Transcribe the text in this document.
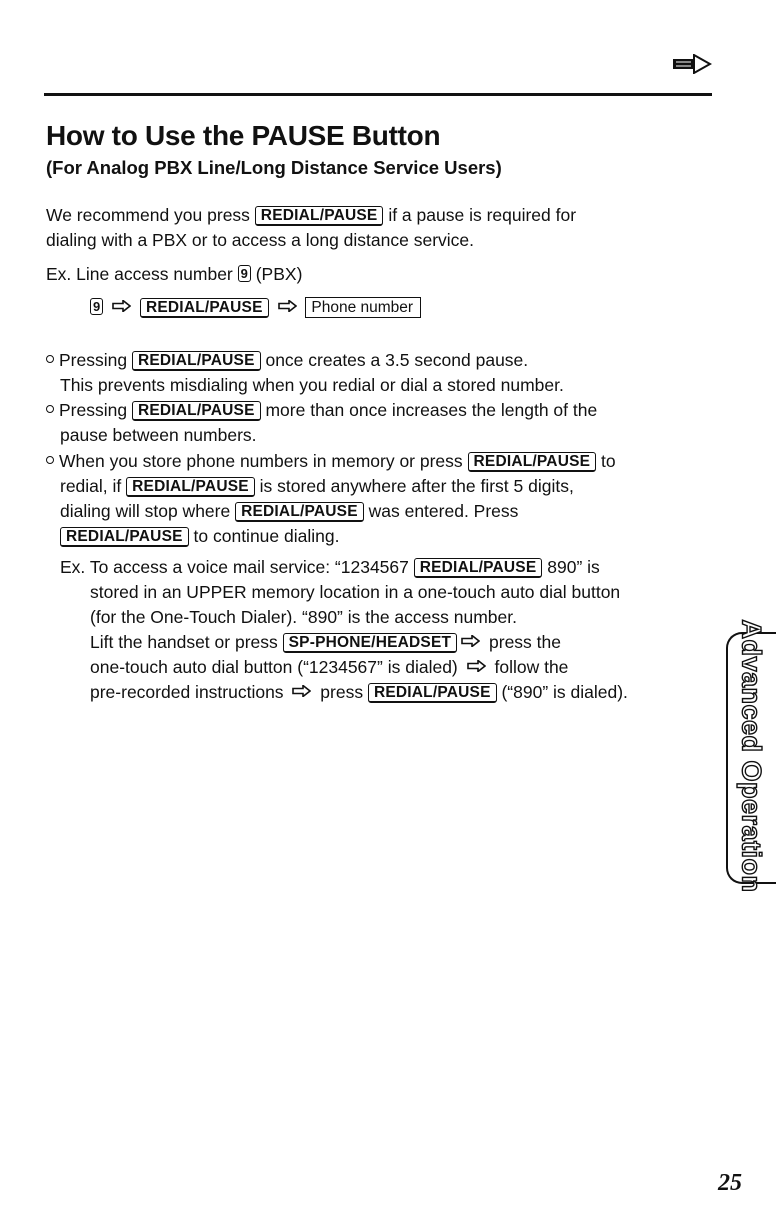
How to Use the PAUSE Button
(For Analog PBX Line/Long Distance Service Users)

We recommend you press REDIAL/PAUSE if a pause is required for

dialing with a PBX or to access a long distance service.

Ex. Line access number 9 (PBX)

9	REDIAL/PAUSE	Phone number

Pressing REDIAL/PAUSE once creates a 3.5 second pause.

This prevents misdialing when you redial or dial a stored number.

Pressing REDIAL/PAUSE more than once increases the length of the

pause between numbers.

When you store phone numbers in memory or press REDIAL/PAUSE to

redial, if REDIAL/PAUSE is stored anywhere after the first 5 digits,

dialing will stop where REDIAL/PAUSE was entered. Press

REDIAL/PAUSE to continue dialing.

Ex. To access a voice mail service: “1234567 REDIAL/PAUSE 890” is

stored in an UPPER memory location in a one-touch auto dial button

(for the One-Touch Dialer). “890” is the access number.

Lift the handset or press SP-PHONE/HEADSET press the

one-touch auto dial button (“1234567” is dialed)  follow the

pre-recorded instructions  press REDIAL/PAUSE (“890” is dialed).	Advanced Operation
25
